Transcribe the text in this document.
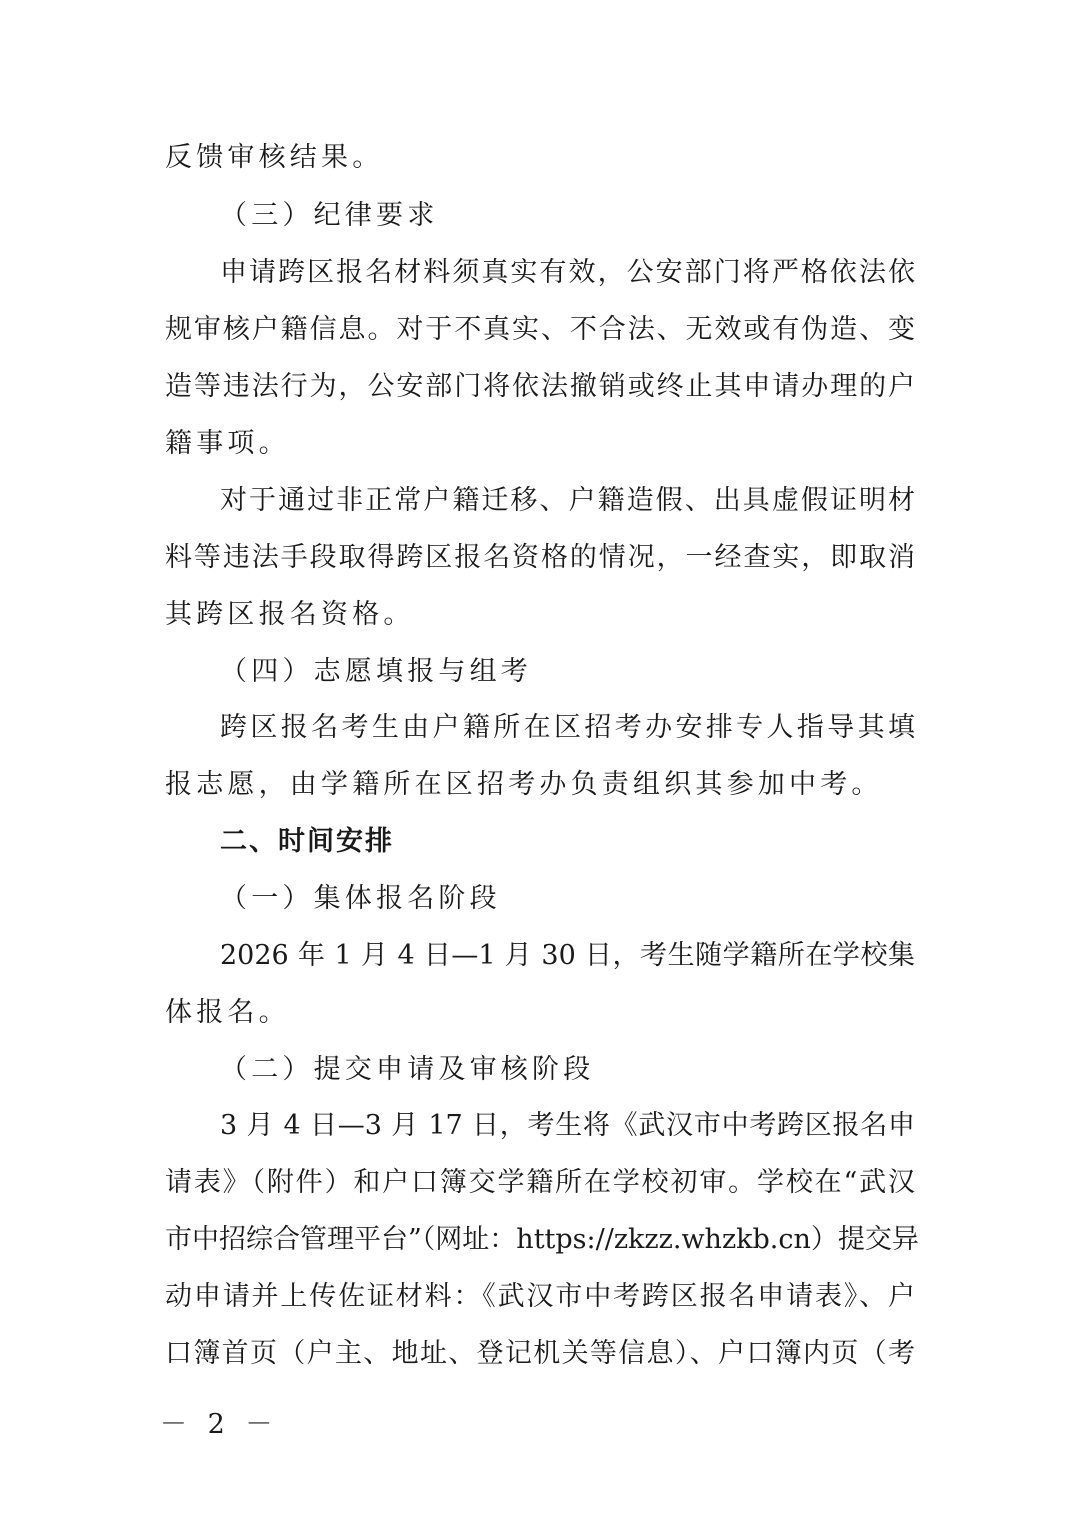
反馈审核结果。
（三）纪律要求
申请跨区报名材料须真实有效，公安部门将严格依法依
规审核户籍信息。对于不真实、不合法、无效或有伪造、变
造等违法行为，公安部门将依法撤销或终止其申请办理的户
籍事项。
对于通过非正常户籍迁移、户籍造假、出具虚假证明材
料等违法手段取得跨区报名资格的情况，一经查实，即取消
其跨区报名资格。
（四）志愿填报与组考
跨区报名考生由户籍所在区招考办安排专人指导其填
报志愿，由学籍所在区招考办负责组织其参加中考。
二、时间安排
（一）集体报名阶段
2026 年 1 月 4 日—1 月 30 日，考生随学籍所在学校集
体报名。
（二）提交申请及审核阶段
3 月 4 日—3 月 17 日，考生将《武汉市中考跨区报名申
请表》（附件）和户口簿交学籍所在学校初审。学校在“武汉
市中招综合管理平台”（网址：https://zkzz.whzkb.cn）提交异
动申请并上传佐证材料：《武汉市中考跨区报名申请表》、户
口簿首页（户主、地址、登记机关等信息）、户口簿内页（考
－ 2 －
